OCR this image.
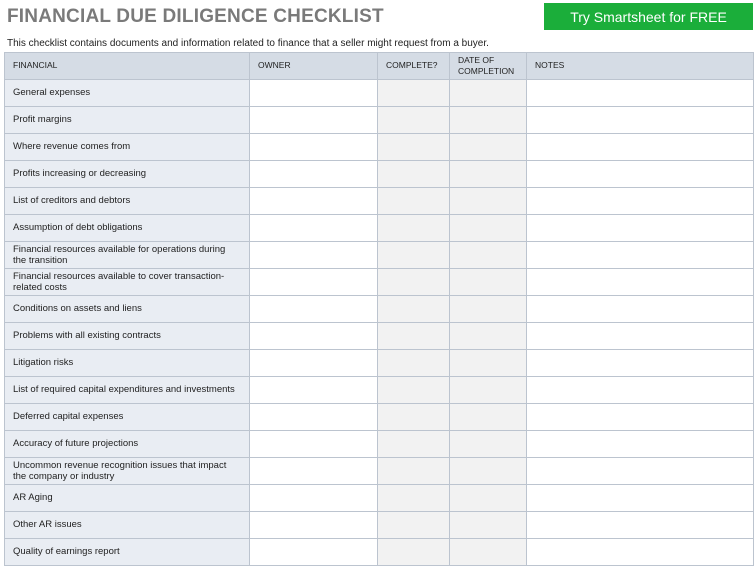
FINANCIAL DUE DILIGENCE CHECKLIST	Try Smartsheet for FREE
This checklist contains documents and information related to finance that a seller might request from a buyer.
FINANCIAL	OWNER	COMPLETE?	DATE OF COMPLETION	NOTES
General expenses				
Profit margins				
Where revenue comes from				
Profits increasing or decreasing				
List of creditors and debtors				
Assumption of debt obligations				
Financial resources available for operations during the transition				
Financial resources available to cover transaction-related costs				
Conditions on assets and liens				
Problems with all existing contracts				
Litigation risks				
List of required capital expenditures and investments				
Deferred capital expenses				
Accuracy of future projections				
Uncommon revenue recognition issues that impact the company or industry				
AR Aging				
Other AR issues				
Quality of earnings report				
